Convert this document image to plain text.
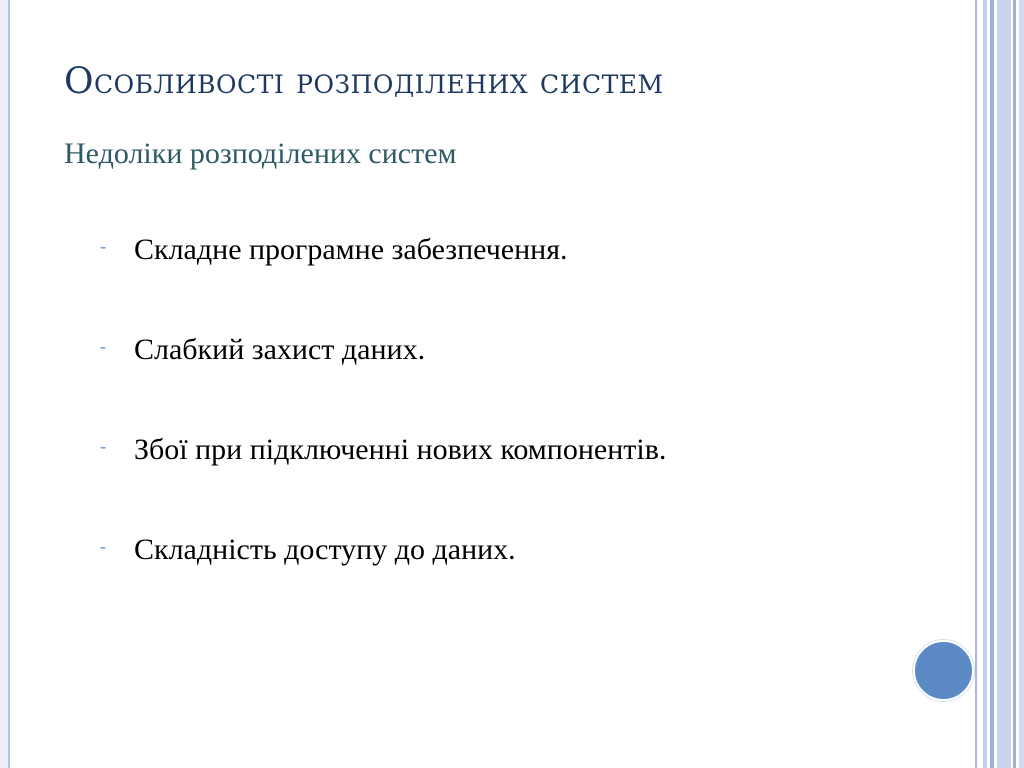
Особливості розподілених систем
Недоліки розподілених систем
- Складне програмне забезпечення.
- Слабкий захист даних.
- Збої при підключенні нових компонентів.
- Складність доступу до даних.
